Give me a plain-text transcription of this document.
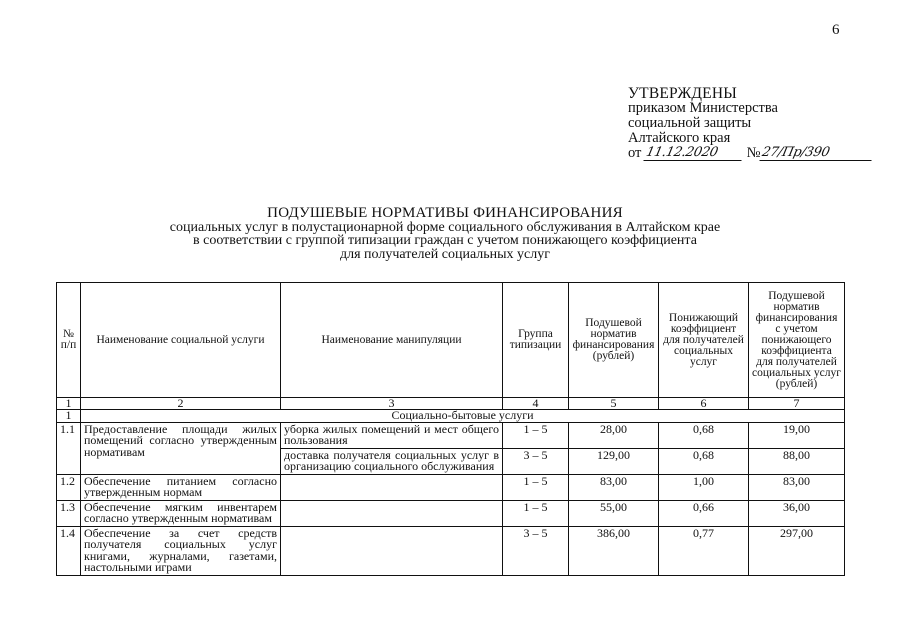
6
УТВЕРЖДЕНЫ
приказом Министерства
социальной защиты
Алтайского края
от
11.12.2020
	№ 27/Пр/390
ПОДУШЕВЫЕ НОРМАТИВЫ ФИНАНСИРОВАНИЯ
социальных услуг в полустационарной форме социального обслуживания в Алтайском крае
в соответствии с группой типизации граждан с учетом понижающего коэффициента
для получателей социальных услуг
№ п/п	Наименование социальной услуги	Наименование манипуляции	Группа типизации	Подушевой норматив финансирования (рублей)	Понижающий коэффициент для получателей социальных услуг	Подушевой норматив финансирования с учетом понижающего коэффициента для получателей социальных услуг (рублей)
1	2	3	4	5	6	7
1	Социально-бытовые услуги					
1.1	Предоставление площади жилых помещений согласно утвержденным нормативам	уборка жилых помещений и мест общего пользования	1 – 5	28,00	0,68	19,00
		доставка получателя социальных услуг в организацию социального обслуживания	3 – 5	129,00	0,68	88,00
1.2	Обеспечение питанием согласно утвержденным нормам		1 – 5	83,00	1,00	83,00
1.3	Обеспечение мягким инвентарем согласно утвержденным нормативам		1 – 5	55,00	0,66	36,00
1.4	Обеспечение за счет средств получателя социальных услуг книгами, журналами, газетами, настольными играми		3 – 5	386,00	0,77	297,00
